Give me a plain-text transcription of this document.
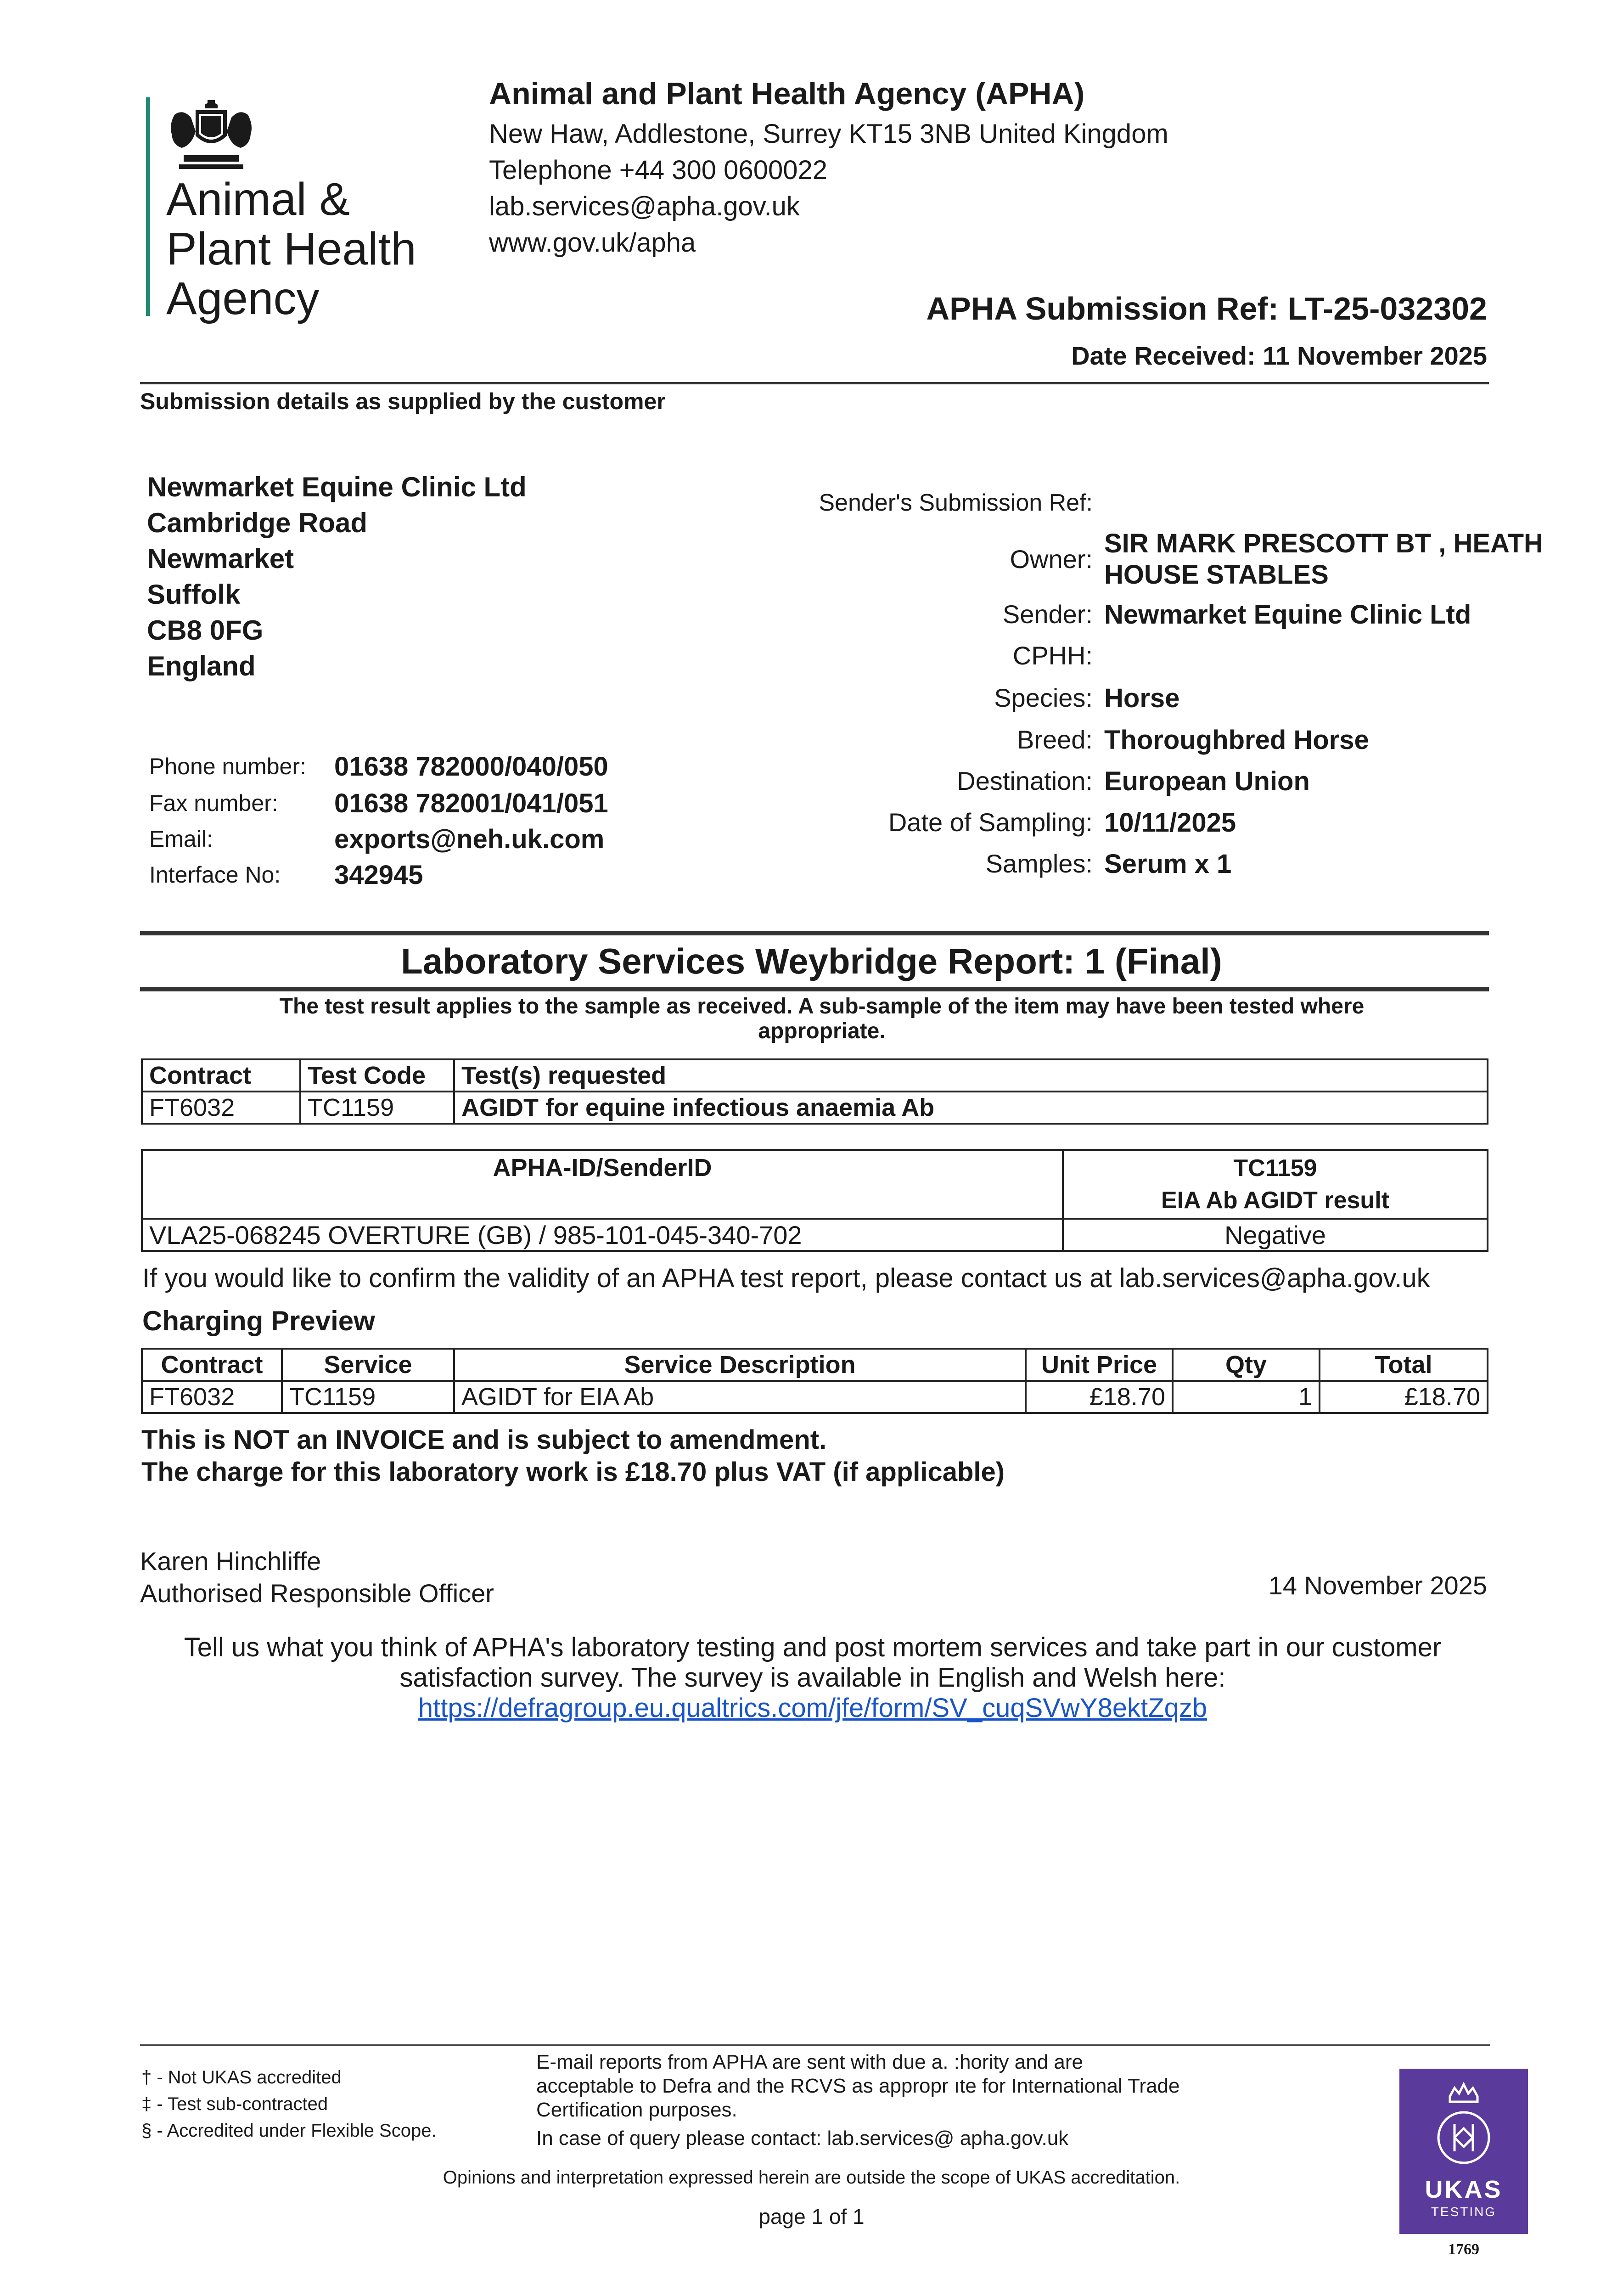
Animal &
Plant Health
Agency
Animal and Plant Health Agency (APHA)
New Haw, Addlestone, Surrey KT15 3NB United Kingdom
Telephone +44 300 0600022
lab.services@apha.gov.uk
www.gov.uk/apha
APHA Submission Ref: LT-25-032302
Date Received: 11 November 2025
Submission details as supplied by the customer
Newmarket Equine Clinic Ltd
Cambridge Road
Newmarket
Suffolk
CB8 0FG
England
Phone number: 01638 782000/040/050
Fax number: 01638 782001/041/051
Email:	exports@neh.uk.com
Interface No: 342945
Sender's Submission Ref:
Owner:
SIR MARK PRESCOTT BT , HEATH
HOUSE STABLES
Sender: Newmarket Equine Clinic Ltd
CPHH:
Species: Horse
Breed: Thoroughbred Horse
Destination: European Union
Date of Sampling: 10/11/2025
Samples: Serum x 1
Laboratory Services Weybridge Report: 1 (Final)
The test result applies to the sample as received. A sub-sample of the item may have been tested where
appropriate.
Contract	Test Code	Test(s) requested
FT6032	TC1159	AGIDT for equine infectious anaemia Ab
APHA-ID/SenderID	TC1159
EIA Ab AGIDT result

VLA25-068245 OVERTURE (GB) / 985-101-045-340-702	Negative
If you would like to confirm the validity of an APHA test report, please contact us at lab.services@apha.gov.uk
Charging Preview
Contract	Service	Service Description	Unit Price	Qty	Total
FT6032	TC1159	AGIDT for EIA Ab	£18.70	1	£18.70
This is NOT an INVOICE and is subject to amendment.
The charge for this laboratory work is £18.70 plus VAT (if applicable)
Karen Hinchliffe
Authorised Responsible Officer	14 November 2025
Tell us what you think of APHA's laboratory testing and post mortem services and take part in our customer
satisfaction survey. The survey is available in English and Welsh here:
https://defragroup.eu.qualtrics.com/jfe/form/SV_cuqSVwY8ektZqzb
† - Not UKAS accredited
‡ - Test sub-contracted
§ - Accredited under Flexible Scope.
E-mail reports from APHA are sent with due a. :hority and are
acceptable to Defra and the RCVS as appropr ıte for International Trade
Certification purposes.
In case of query please contact: lab.services@ apha.gov.uk
Opinions and interpretation expressed herein are outside the scope of UKAS accreditation.
page 1 of 1
UKAS
TESTING
1769
